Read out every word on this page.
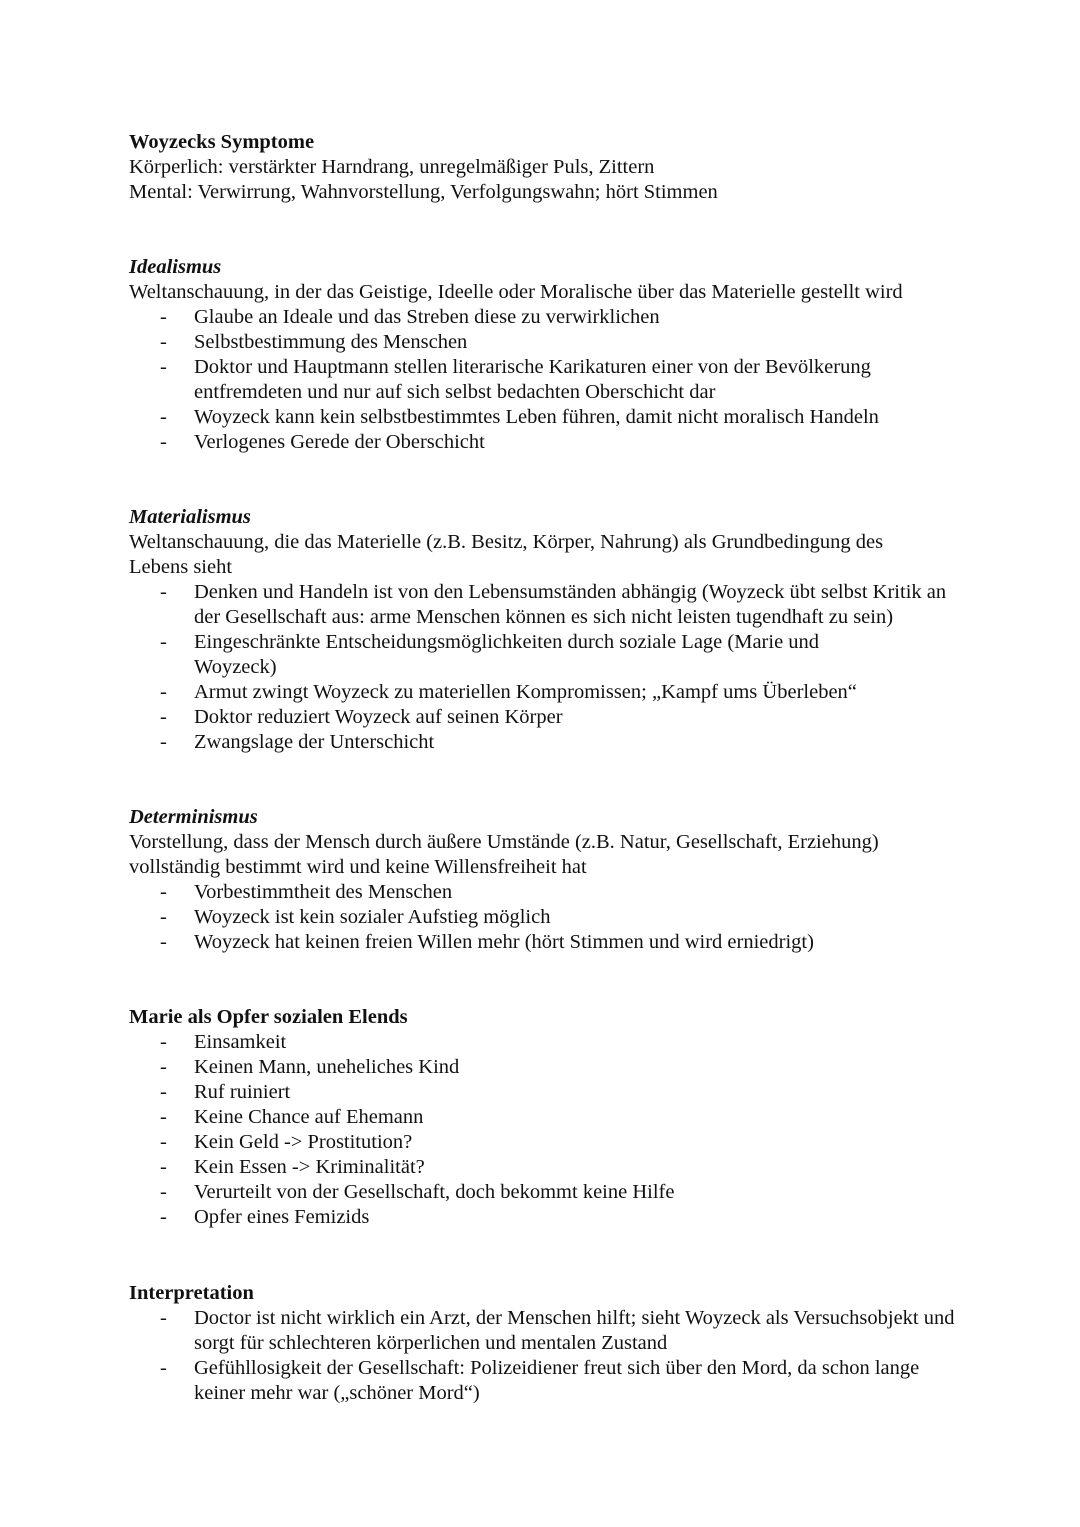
Woyzecks Symptome
Körperlich: verstärkter Harndrang, unregelmäßiger Puls, Zittern
Mental: Verwirrung, Wahnvorstellung, Verfolgungswahn; hört Stimmen
Idealismus
Weltanschauung, in der das Geistige, Ideelle oder Moralische über das Materielle gestellt wird
- Glaube an Ideale und das Streben diese zu verwirklichen
- Selbstbestimmung des Menschen
- Doktor und Hauptmann stellen literarische Karikaturen einer von der Bevölkerung entfremdeten und nur auf sich selbst bedachten Oberschicht dar
- Woyzeck kann kein selbstbestimmtes Leben führen, damit nicht moralisch Handeln
- Verlogenes Gerede der Oberschicht
Materialismus
Weltanschauung, die das Materielle (z.B. Besitz, Körper, Nahrung) als Grundbedingung des Lebens sieht
- Denken und Handeln ist von den Lebensumständen abhängig (Woyzeck übt selbst Kritik an der Gesellschaft aus: arme Menschen können es sich nicht leisten tugendhaft zu sein)
- Eingeschränkte Entscheidungsmöglichkeiten durch soziale Lage (Marie und Woyzeck)
- Armut zwingt Woyzeck zu materiellen Kompromissen; „Kampf ums Überleben“
- Doktor reduziert Woyzeck auf seinen Körper
- Zwangslage der Unterschicht
Determinismus
Vorstellung, dass der Mensch durch äußere Umstände (z.B. Natur, Gesellschaft, Erziehung) vollständig bestimmt wird und keine Willensfreiheit hat
- Vorbestimmtheit des Menschen
- Woyzeck ist kein sozialer Aufstieg möglich
- Woyzeck hat keinen freien Willen mehr (hört Stimmen und wird erniedrigt)
Marie als Opfer sozialen Elends
- Einsamkeit
- Keinen Mann, uneheliches Kind
- Ruf ruiniert
- Keine Chance auf Ehemann
- Kein Geld -> Prostitution?
- Kein Essen -> Kriminalität?
- Verurteilt von der Gesellschaft, doch bekommt keine Hilfe
- Opfer eines Femizids
Interpretation
- Doctor ist nicht wirklich ein Arzt, der Menschen hilft; sieht Woyzeck als Versuchsobjekt und sorgt für schlechteren körperlichen und mentalen Zustand
- Gefühllosigkeit der Gesellschaft: Polizeidiener freut sich über den Mord, da schon lange keiner mehr war („schöner Mord“)
